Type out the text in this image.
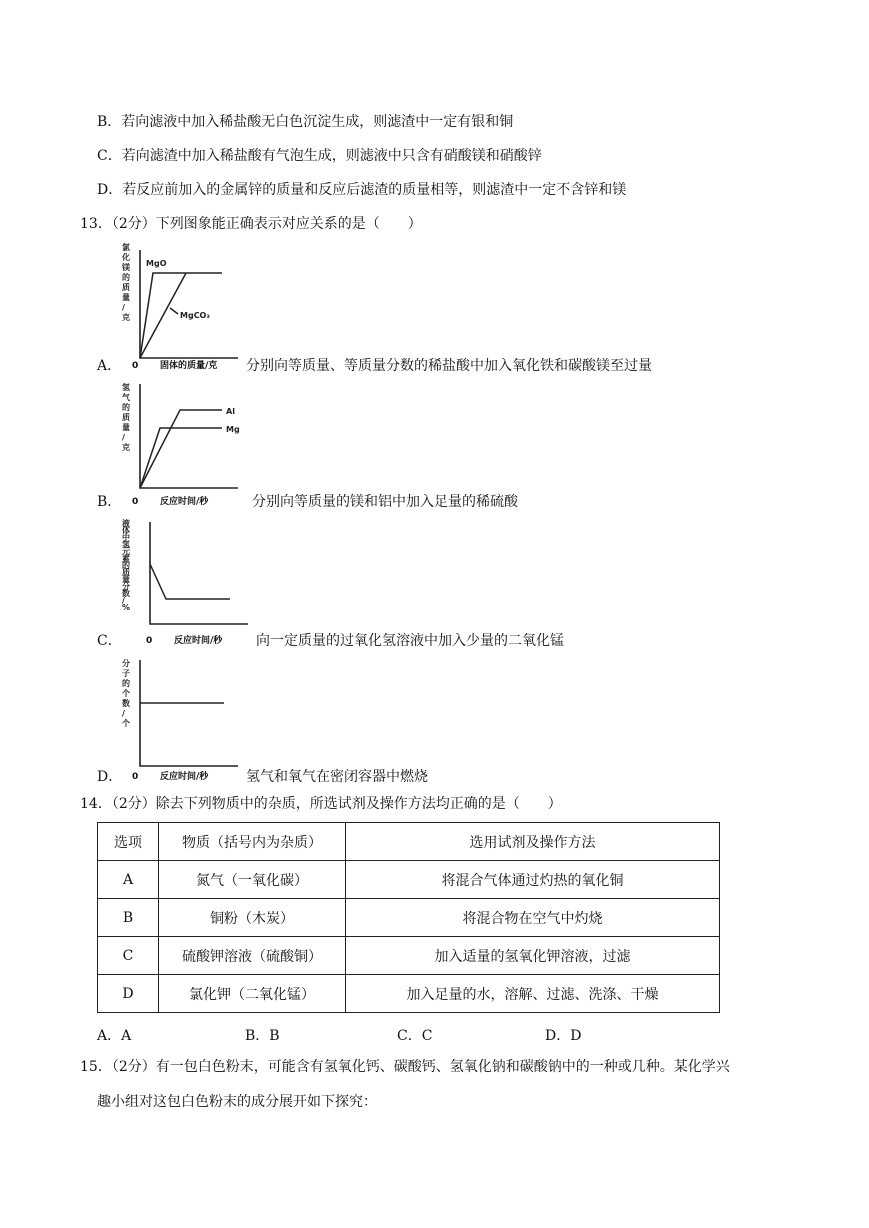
B．若向滤液中加入稀盐酸无白色沉淀生成，则滤渣中一定有银和铜
C．若向滤渣中加入稀盐酸有气泡生成，则滤液中只含有硝酸镁和硝酸锌
D．若反应前加入的金属锌的质量和反应后滤渣的质量相等，则滤渣中一定不含锌和镁
13．（2分）下列图象能正确表示对应关系的是（　　）
氯化镁的质量/克
MgO
MgCO₃
A． 0 固体的质量/克 分别向等质量、等质量分数的稀盐酸中加入氧化铁和碳酸镁至过量
氢气的质量/克
Al
Mg
B． 0 反应时间/秒	分别向等质量的镁和铝中加入足量的稀硫酸
液体中氢元素的质量分数/ %
C．	0 反应时间/秒 向一定质量的过氧化氢溶液中加入少量的二氧化锰
分子的个数/个
D． 0 反应时间/秒	氢气和氧气在密闭容器中燃烧
14．（2分）除去下列物质中的杂质，所选试剂及操作方法均正确的是（　　）
选项	物质（括号内为杂质）	选用试剂及操作方法
A	氮气（一氧化碳）	将混合气体通过灼热的氧化铜
B	铜粉（木炭）	将混合物在空气中灼烧
C	硫酸钾溶液（硫酸铜）	加入适量的氢氧化钾溶液，过滤
D	氯化钾（二氧化锰）	加入足量的水，溶解、过滤、洗涤、干燥
A．A	B．B	C．C	D．D
15．（2分）有一包白色粉末，可能含有氢氧化钙、碳酸钙、氢氧化钠和碳酸钠中的一种或几种。某化学兴
趣小组对这包白色粉末的成分展开如下探究：
